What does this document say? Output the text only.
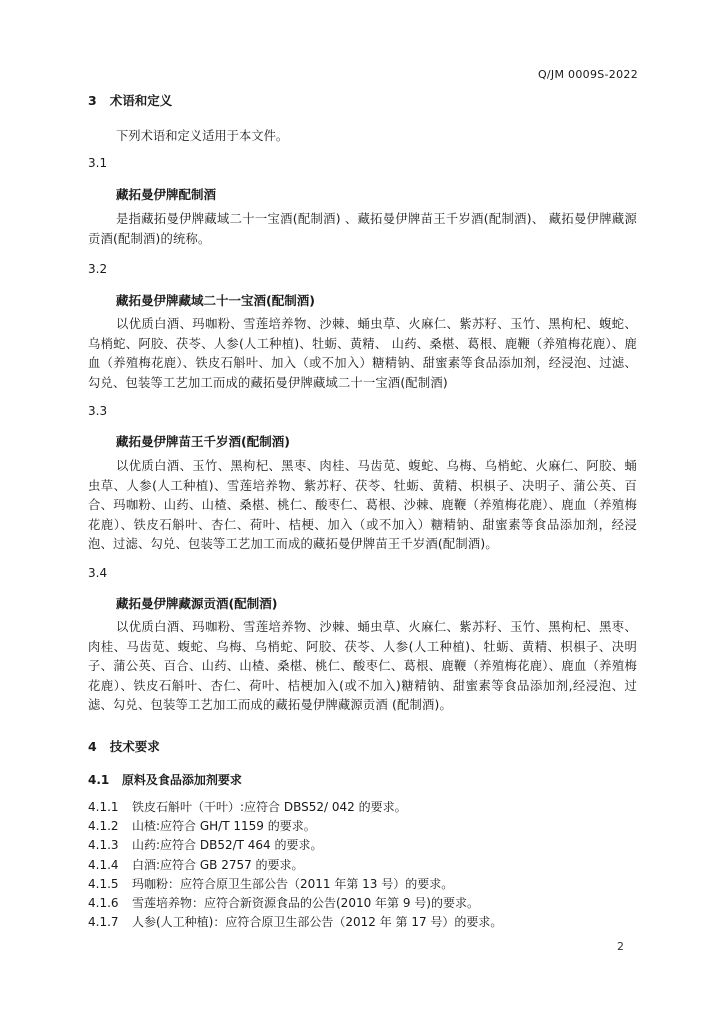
Q/JM 0009S-2022
3 术语和定义
下列术语和定义适用于本文件。
3.1
藏拓曼伊牌配制酒
是指藏拓曼伊牌藏域二十一宝酒(配制酒) 、藏拓曼伊牌苗王千岁酒(配制酒)、 藏拓曼伊牌藏源贡酒(配制酒)的统称。
3.2
藏拓曼伊牌藏域二十一宝酒(配制酒)
以优质白酒、玛咖粉、雪莲培养物、沙棘、蛹虫草、火麻仁、紫苏籽、玉竹、黑枸杞、蝮蛇、乌梢蛇、阿胶、茯苓、人参(人工种植)、牡蛎、黄精、 山药、桑椹、葛根、鹿鞭（养殖梅花鹿）、鹿血（养殖梅花鹿）、铁皮石斛叶、加入（或不加入）糖精钠、甜蜜素等食品添加剂，经浸泡、过滤、勾兑、包装等工艺加工而成的藏拓曼伊牌藏域二十一宝酒(配制酒)
3.3
藏拓曼伊牌苗王千岁酒(配制酒)
以优质白酒、玉竹、黑枸杞、黑枣、肉桂、马齿苋、蝮蛇、乌梅、乌梢蛇、火麻仁、阿胶、蛹虫草、人参(人工种植)、雪莲培养物、紫苏籽、茯苓、牡蛎、黄精、枳椇子、决明子、蒲公英、百合、玛咖粉、山药、山楂、桑椹、桃仁、酸枣仁、葛根、沙棘、鹿鞭（养殖梅花鹿）、鹿血（养殖梅花鹿）、铁皮石斛叶、杏仁、荷叶、桔梗、加入（或不加入）糖精钠、甜蜜素等食品添加剂，经浸泡、过滤、勾兑、包装等工艺加工而成的藏拓曼伊牌苗王千岁酒(配制酒)。
3.4
藏拓曼伊牌藏源贡酒(配制酒)
以优质白酒、玛咖粉、雪莲培养物、沙棘、蛹虫草、火麻仁、紫苏籽、玉竹、黑枸杞、黑枣、肉桂、马齿苋、蝮蛇、乌梅、乌梢蛇、阿胶、茯苓、人参(人工种植)、牡蛎、黄精、枳椇子、决明子、蒲公英、百合、山药、山楂、桑椹、桃仁、酸枣仁、葛根、鹿鞭（养殖梅花鹿）、鹿血（养殖梅花鹿）、铁皮石斛叶、杏仁、荷叶、桔梗加入(或不加入)糖精钠、甜蜜素等食品添加剂,经浸泡、过滤、勾兑、包装等工艺加工而成的藏拓曼伊牌藏源贡酒 (配制酒)。
4 技术要求
4.1 原料及食品添加剂要求
4.1.1 铁皮石斛叶（干叶）:应符合 DBS52/ 042 的要求。
4.1.2 山楂:应符合 GH/T 1159 的要求。
4.1.3 山药:应符合 DB52/T 464 的要求。
4.1.4 白酒:应符合 GB 2757 的要求。
4.1.5 玛咖粉：应符合原卫生部公告（2011 年第 13 号）的要求。
4.1.6 雪莲培养物：应符合新资源食品的公告(2010 年第 9 号)的要求。
4.1.7 人参(人工种植)：应符合原卫生部公告（2012 年 第 17 号）的要求。
2
